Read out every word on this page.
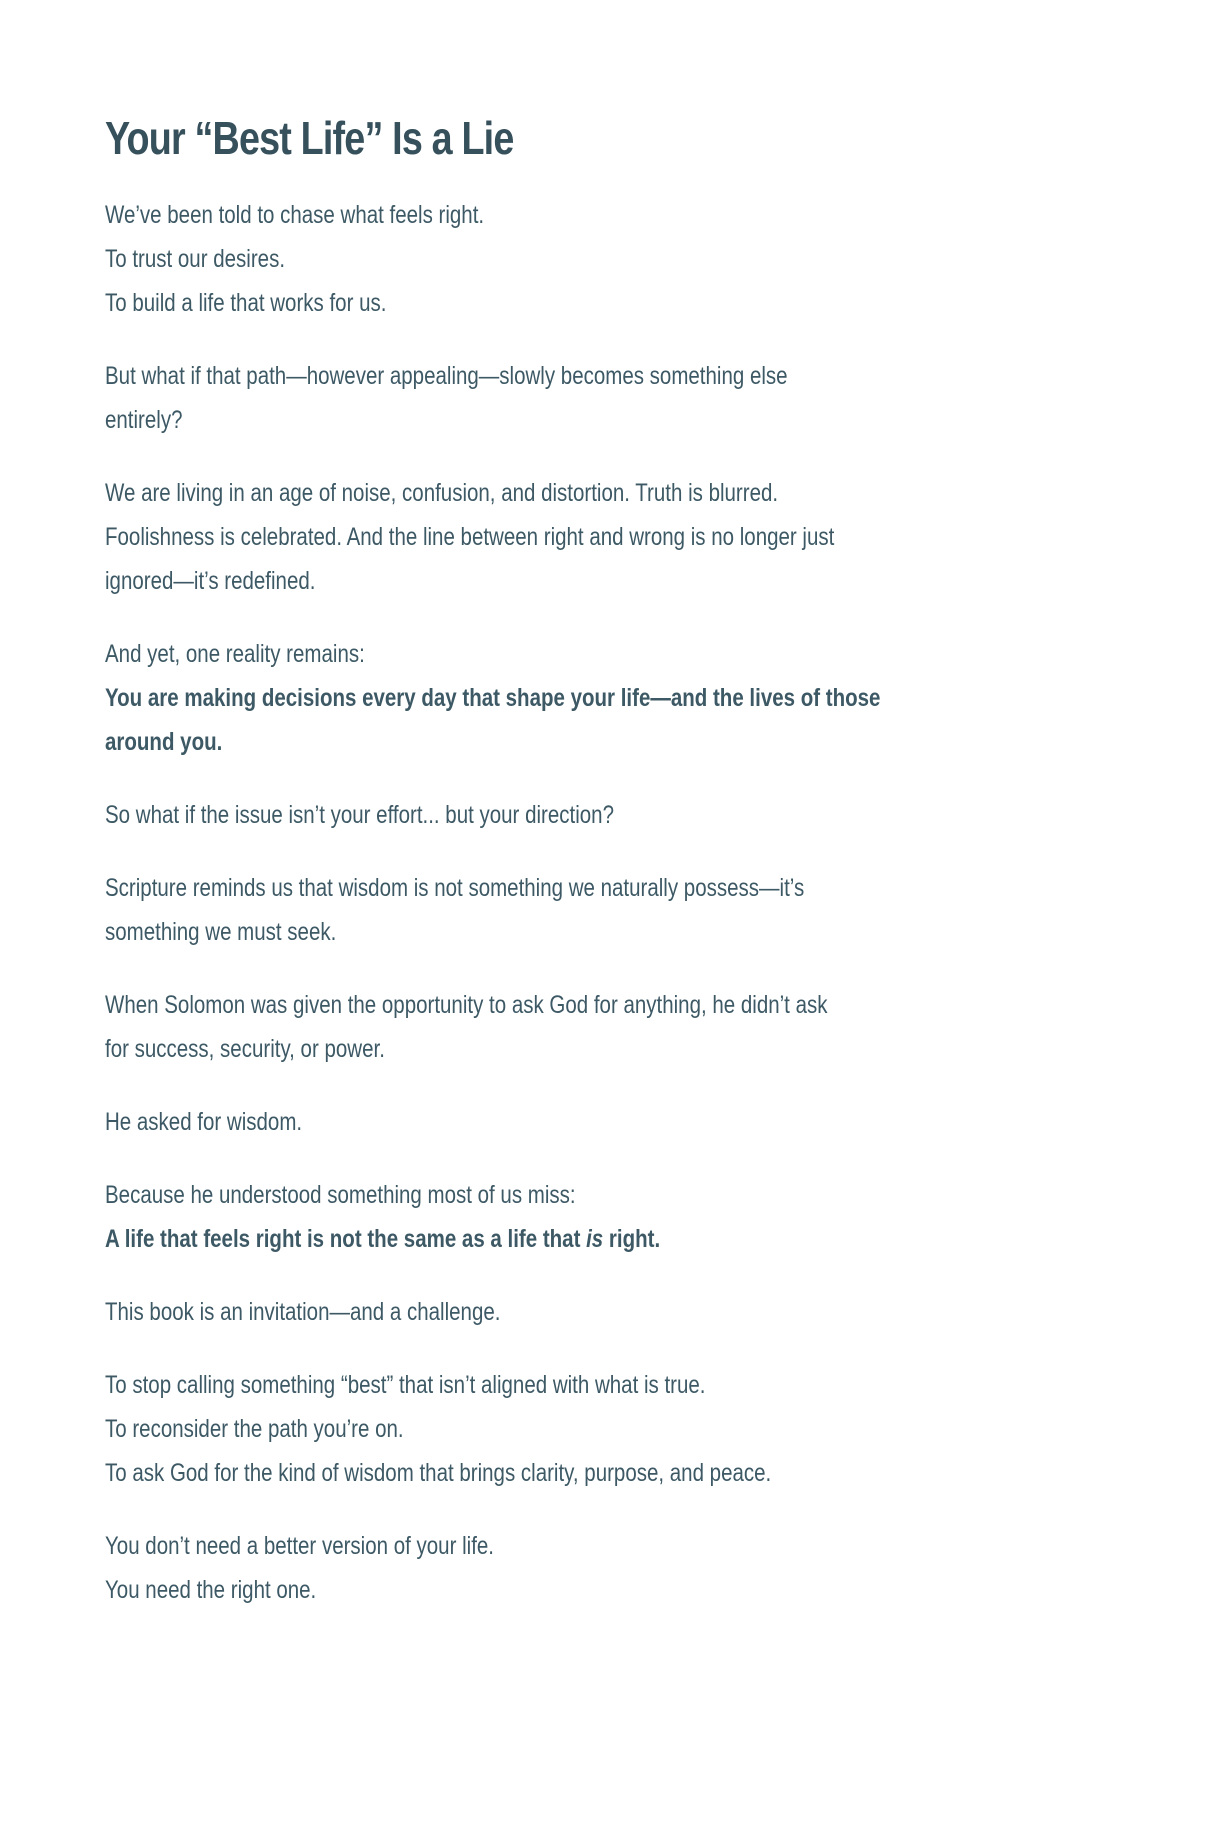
Your “Best Life” Is a Lie

We’ve been told to chase what feels right.
To trust our desires.
To build a life that works for us.

But what if that path—however appealing—slowly becomes something else
entirely?

We are living in an age of noise, confusion, and distortion. Truth is blurred.
Foolishness is celebrated. And the line between right and wrong is no longer just
ignored—it’s redefined.

And yet, one reality remains:
You are making decisions every day that shape your life—and the lives of those
around you.

So what if the issue isn’t your effort... but your direction?

Scripture reminds us that wisdom is not something we naturally possess—it’s
something we must seek.

When Solomon was given the opportunity to ask God for anything, he didn’t ask
for success, security, or power.

He asked for wisdom.

Because he understood something most of us miss:
A life that feels right is not the same as a life that is right.

This book is an invitation—and a challenge.

To stop calling something “best” that isn’t aligned with what is true.
To reconsider the path you’re on.
To ask God for the kind of wisdom that brings clarity, purpose, and peace.

You don’t need a better version of your life.
You need the right one.
